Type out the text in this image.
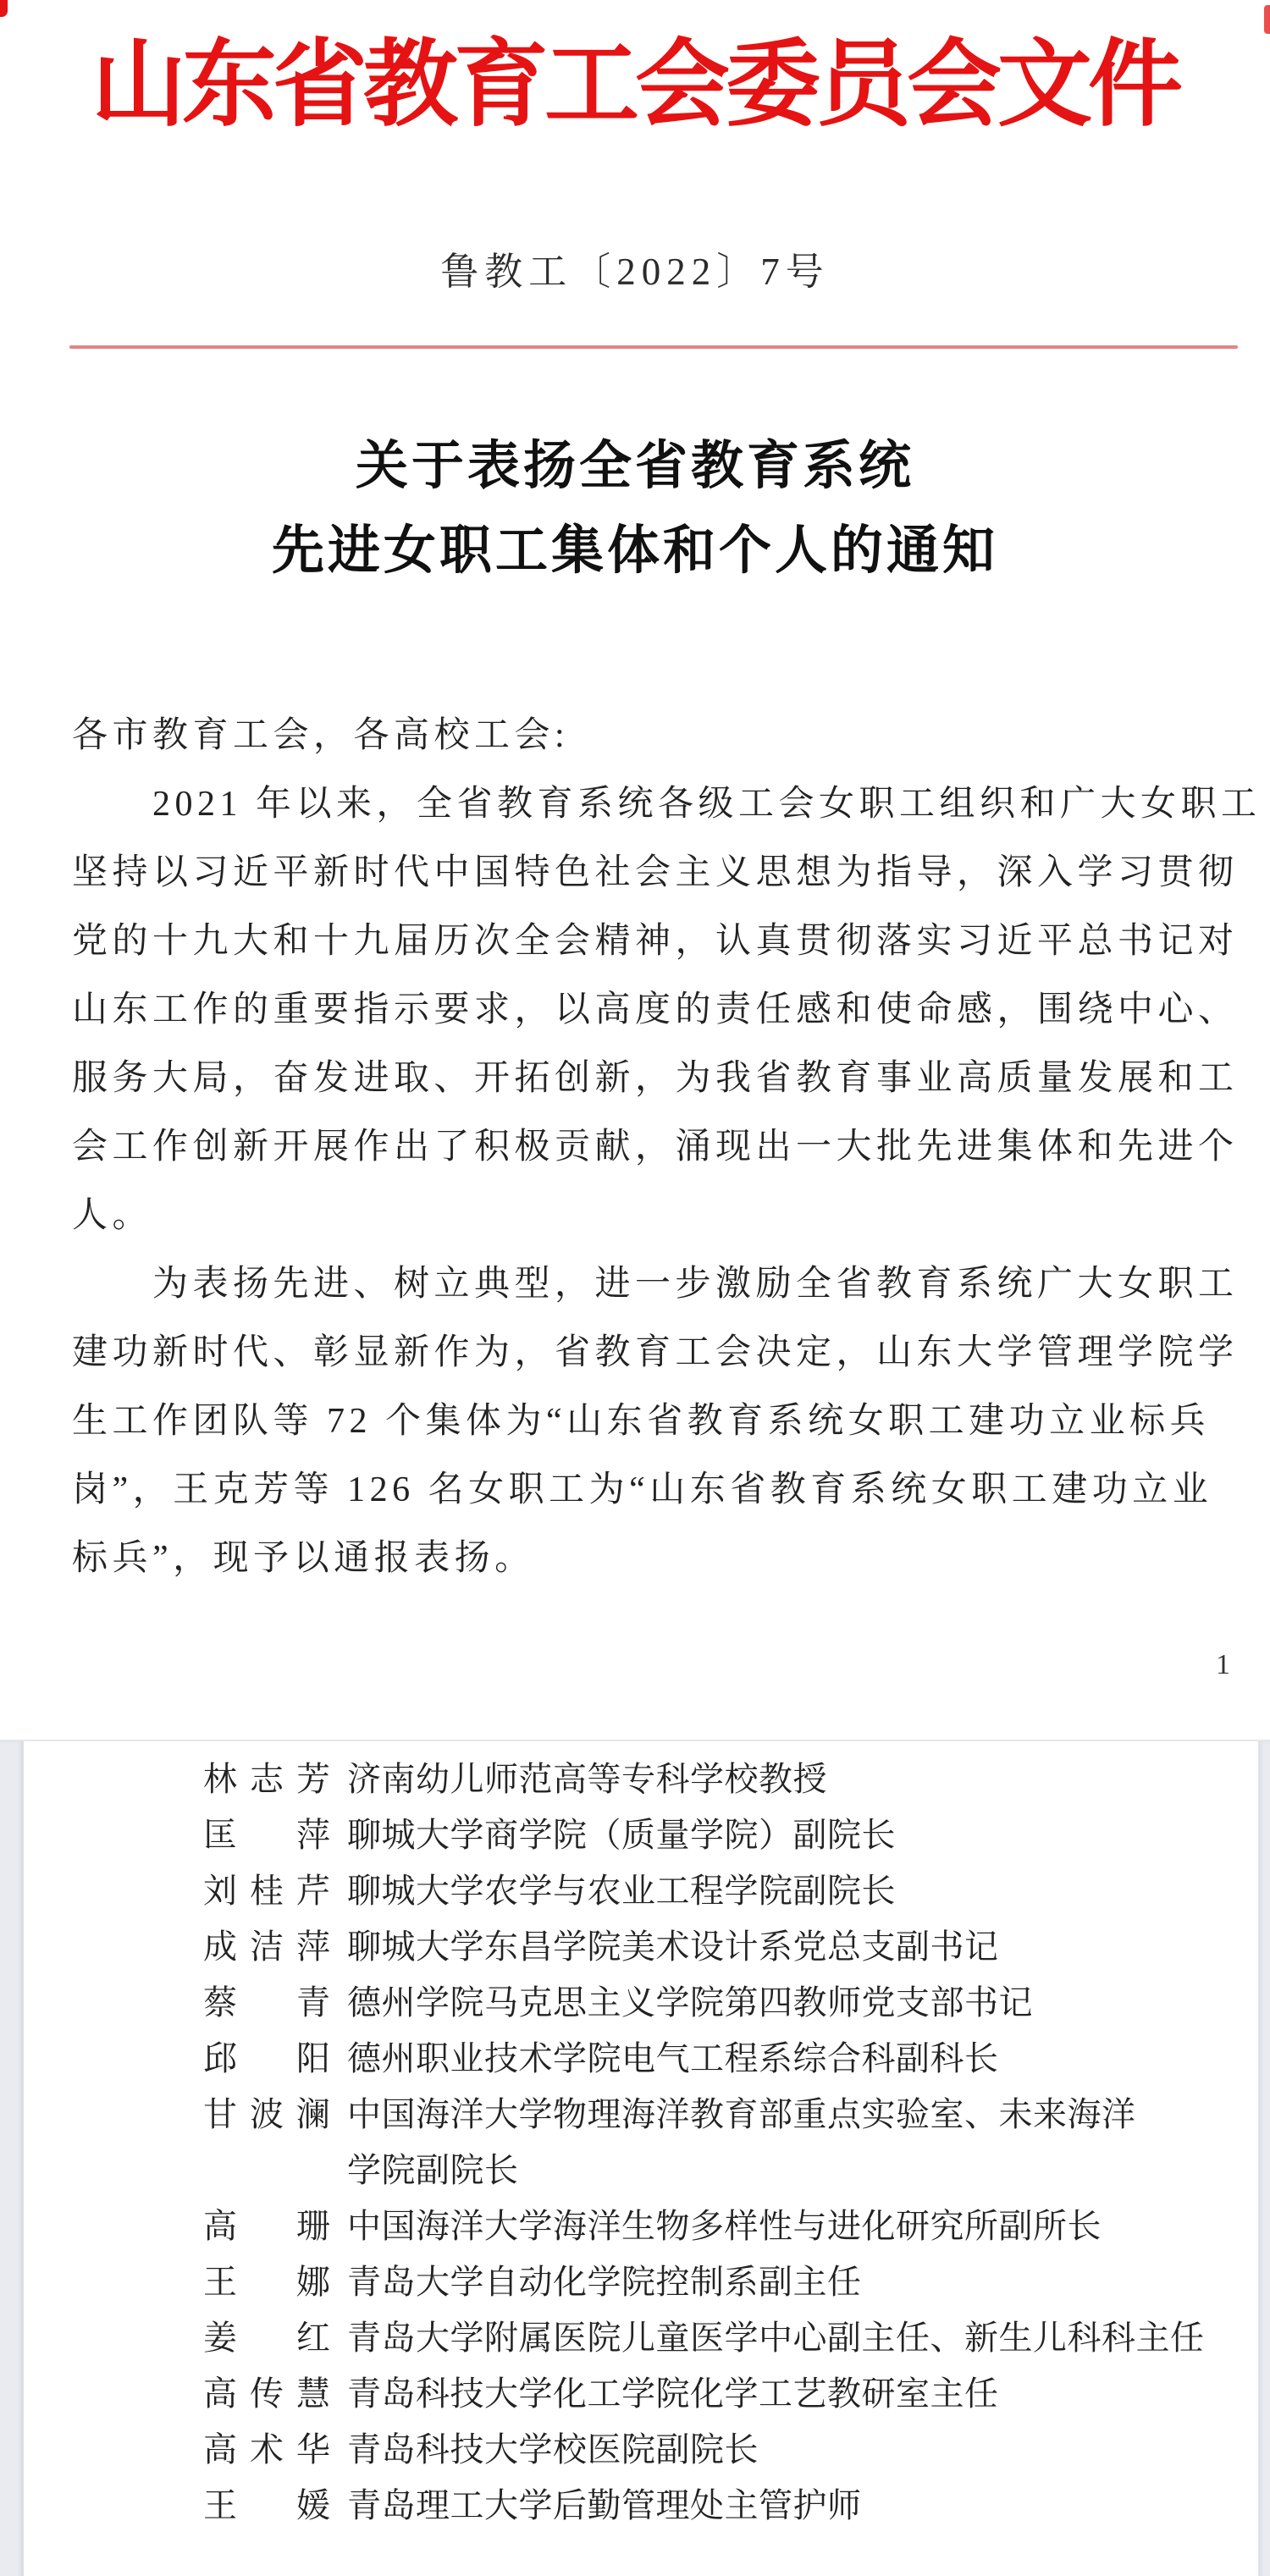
山东省教育工会委员会文件
鲁教工〔2022〕7号
关于表扬全省教育系统
先进女职工集体和个人的通知
各市教育工会，各高校工会:
2021 年以来，全省教育系统各级工会女职工组织和广大女职工
坚持以习近平新时代中国特色社会主义思想为指导，深入学习贯彻
党的十九大和十九届历次全会精神，认真贯彻落实习近平总书记对
山东工作的重要指示要求，以高度的责任感和使命感，围绕中心、
服务大局，奋发进取、开拓创新，为我省教育事业高质量发展和工
会工作创新开展作出了积极贡献，涌现出一大批先进集体和先进个
人。
为表扬先进、树立典型，进一步激励全省教育系统广大女职工
建功新时代、彰显新作为，省教育工会决定，山东大学管理学院学
生工作团队等 72 个集体为“山东省教育系统女职工建功立业标兵
岗”，王克芳等 126 名女职工为“山东省教育系统女职工建功立业
标兵”，现予以通报表扬。
1
林志芳 济南幼儿师范高等专科学校教授
匡　萍 聊城大学商学院（质量学院）副院长
刘桂芹 聊城大学农学与农业工程学院副院长
成洁萍 聊城大学东昌学院美术设计系党总支副书记
蔡　青 德州学院马克思主义学院第四教师党支部书记
邱　阳 德州职业技术学院电气工程系综合科副科长
甘波澜 中国海洋大学物理海洋教育部重点实验室、未来海洋
学院副院长
高　珊 中国海洋大学海洋生物多样性与进化研究所副所长
王　娜 青岛大学自动化学院控制系副主任
姜　红 青岛大学附属医院儿童医学中心副主任、新生儿科科主任
高传慧 青岛科技大学化工学院化学工艺教研室主任
高术华 青岛科技大学校医院副院长
王　媛 青岛理工大学后勤管理处主管护师
